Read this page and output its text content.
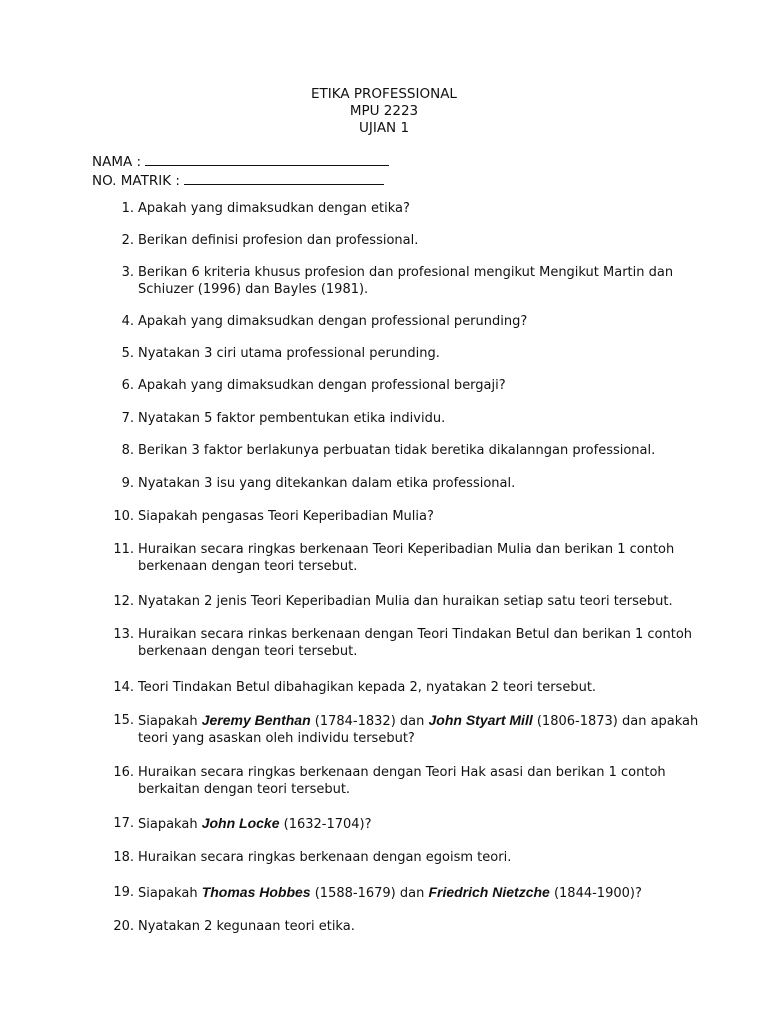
ETIKA PROFESSIONAL
MPU 2223
UJIAN 1
NAMA :
NO. MATRIK :
1. Apakah yang dimaksudkan dengan etika?
2. Berikan definisi profesion dan professional.
3. Berikan 6 kriteria khusus profesion dan profesional mengikut Mengikut Martin dan Schiuzer (1996) dan Bayles (1981).
4. Apakah yang dimaksudkan dengan professional perunding?
5. Nyatakan 3 ciri utama professional perunding.
6. Apakah yang dimaksudkan dengan professional bergaji?
7. Nyatakan 5 faktor pembentukan etika individu.
8. Berikan 3 faktor berlakunya perbuatan tidak beretika dikalanngan professional.
9. Nyatakan 3 isu yang ditekankan dalam etika professional.
10. Siapakah pengasas Teori Keperibadian Mulia?
11. Huraikan secara ringkas berkenaan Teori Keperibadian Mulia dan berikan 1 contoh berkenaan dengan teori tersebut.
12. Nyatakan 2 jenis Teori Keperibadian Mulia dan huraikan setiap satu teori tersebut.
13. Huraikan secara rinkas berkenaan dengan Teori Tindakan Betul dan berikan 1 contoh berkenaan dengan teori tersebut.
14. Teori Tindakan Betul dibahagikan kepada 2, nyatakan 2 teori tersebut.
15. Siapakah Jeremy Benthan (1784-1832) dan John Styart Mill (1806-1873) dan apakah teori yang asaskan oleh individu tersebut?
16. Huraikan secara ringkas berkenaan dengan Teori Hak asasi dan berikan 1 contoh berkaitan dengan teori tersebut.
17. Siapakah John Locke (1632-1704)?
18. Huraikan secara ringkas berkenaan dengan egoism teori.
19. Siapakah Thomas Hobbes (1588-1679) dan Friedrich Nietzche (1844-1900)?
20. Nyatakan 2 kegunaan teori etika.
